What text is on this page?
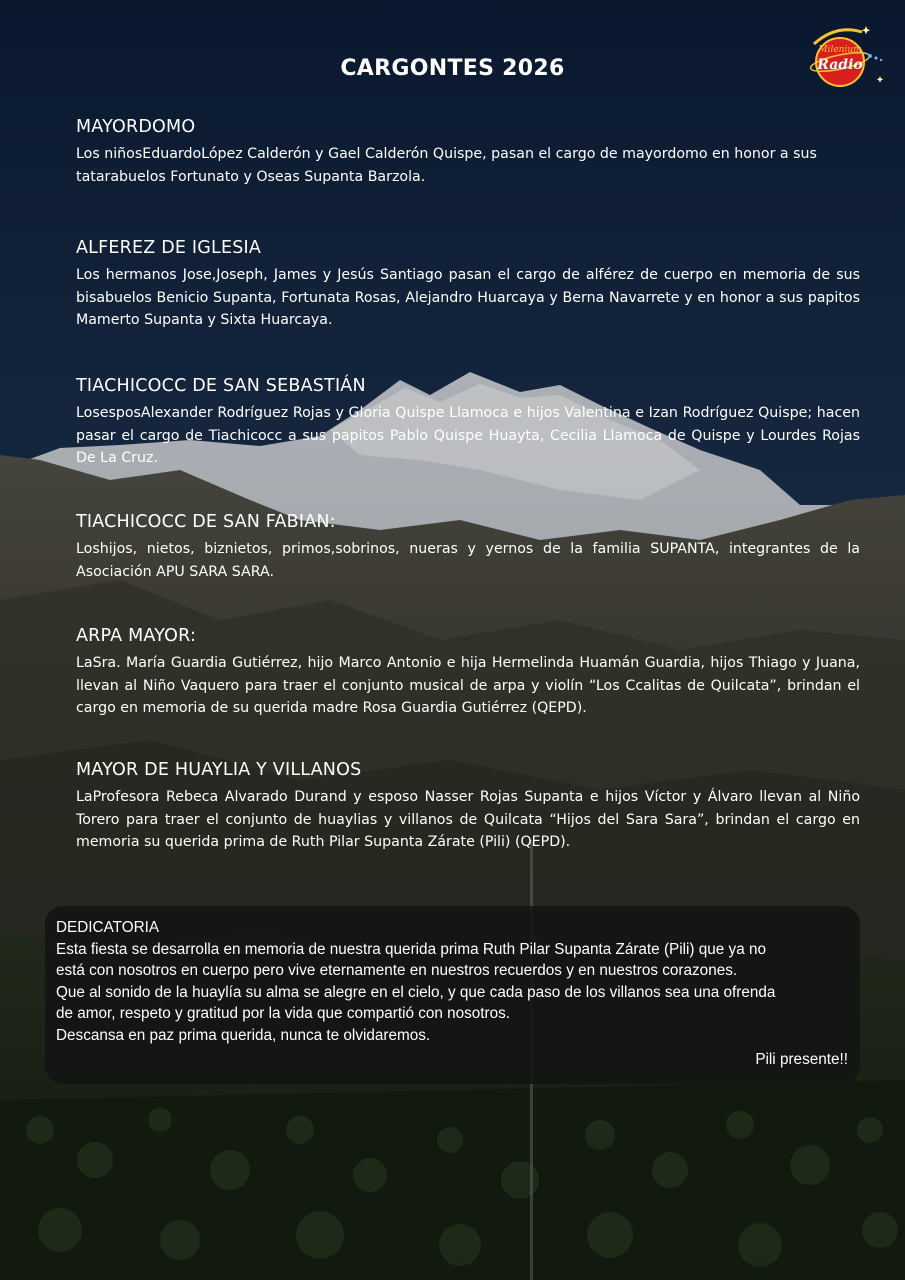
Milenium
Radio
CARGONTES 2026
MAYORDOMO

Los niñosEduardoLópez Calderón y Gael Calderón Quispe, pasan el cargo de mayordomo en honor a sus tatarabuelos Fortunato y Oseas Supanta Barzola.

ALFEREZ DE IGLESIA

Los hermanos Jose,Joseph, James y Jesús Santiago pasan el cargo de alférez de cuerpo en memoria de sus bisabuelos Benicio Supanta, Fortunata Rosas, Alejandro Huarcaya y Berna Navarrete y en honor a sus papitos Mamerto Supanta y Sixta Huarcaya.

TIACHICOCC DE SAN SEBASTIÁN

LosesposAlexander Rodríguez Rojas y Gloria Quispe Llamoca e hijos Valentina e Izan Rodríguez Quispe; hacen pasar el cargo de Tiachicocc a sus papitos Pablo Quispe Huayta, Cecilia Llamoca de Quispe y Lourdes Rojas De La Cruz.

TIACHICOCC DE SAN FABIAN:

Loshijos, nietos, biznietos, primos,sobrinos, nueras y yernos de la familia SUPANTA, integrantes de la Asociación APU SARA SARA.

ARPA MAYOR:

LaSra. María Guardia Gutiérrez, hijo Marco Antonio e hija Hermelinda Huamán Guardia, hijos Thiago y Juana, llevan al Niño Vaquero para traer el conjunto musical de arpa y violín “Los Ccalitas de Quilcata”, brindan el cargo en memoria de su querida madre Rosa Guardia Gutiérrez (QEPD).

MAYOR DE HUAYLIA Y VILLANOS

LaProfesora Rebeca Alvarado Durand y esposo Nasser Rojas Supanta e hijos Víctor y Álvaro llevan al Niño Torero para traer el conjunto de huaylias y villanos de Quilcata “Hijos del Sara Sara”, brindan el cargo en memoria su querida prima de Ruth Pilar Supanta Zárate (Pili) (QEPD).

DEDICATORIA

Esta fiesta se desarrolla en memoria de nuestra querida prima Ruth Pilar Supanta Zárate (Pili) que ya no

está con nosotros en cuerpo pero vive eternamente en nuestros recuerdos y en nuestros corazones.

Que al sonido de la huaylía su alma se alegre en el cielo, y que cada paso de los villanos sea una ofrenda

de amor, respeto y gratitud por la vida que compartió con nosotros.

Descansa en paz prima querida, nunca te olvidaremos.

Pili presente!!
